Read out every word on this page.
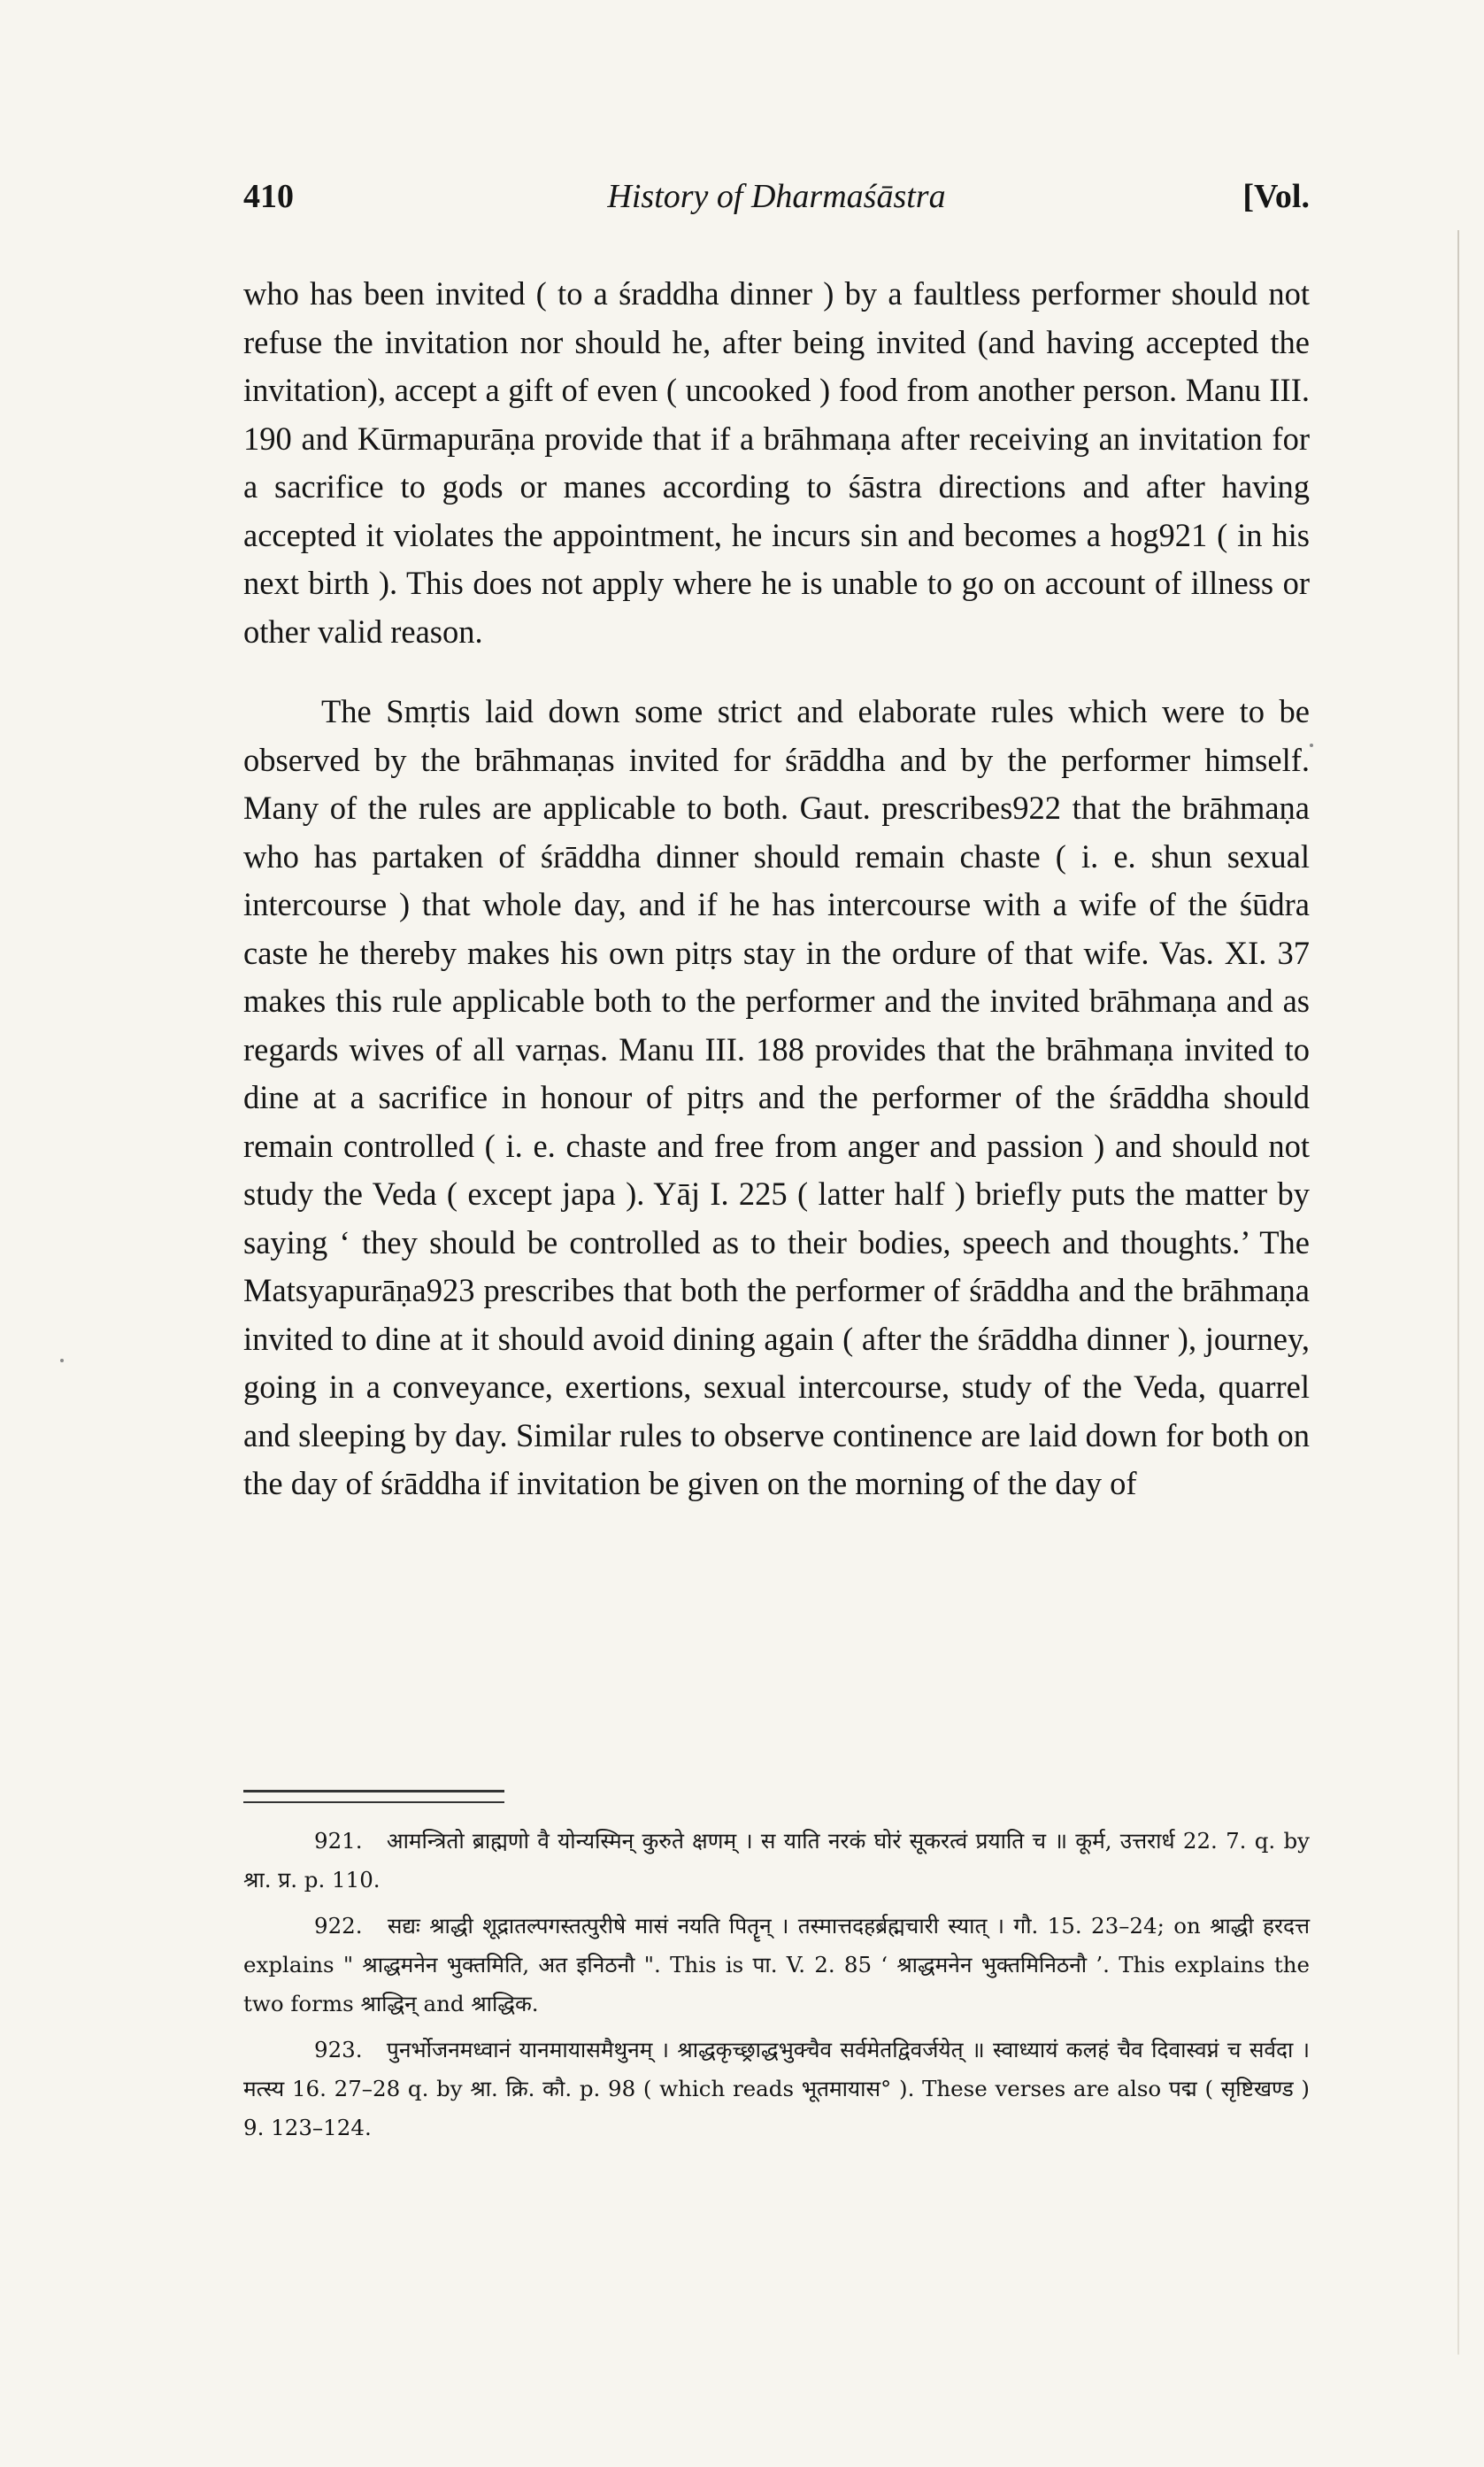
410	History of Dharmaśāstra	[Vol.

who has been invited ( to a śraddha dinner ) by a faultless performer should not refuse the invitation nor should he, after being invited (and having accepted the invitation), accept a gift of even ( uncooked ) food from another person. Manu III. 190 and Kūrmapurāṇa provide that if a brāhmaṇa after receiving an invitation for a sacrifice to gods or manes according to śāstra directions and after having accepted it violates the appointment, he incurs sin and becomes a hog921 ( in his next birth ). This does not apply where he is unable to go on account of illness or other valid reason.

The Smṛtis laid down some strict and elaborate rules which were to be observed by the brāhmaṇas invited for śrāddha and by the performer himself. Many of the rules are applicable to both. Gaut. prescribes922 that the brāhmaṇa who has partaken of śrāddha dinner should remain chaste ( i. e. shun sexual intercourse ) that whole day, and if he has intercourse with a wife of the śūdra caste he thereby makes his own pitṛs stay in the ordure of that wife. Vas. XI. 37 makes this rule applicable both to the performer and the invited brāhmaṇa and as regards wives of all varṇas. Manu III. 188 provides that the brāhmaṇa invited to dine at a sacrifice in honour of pitṛs and the performer of the śrāddha should remain controlled ( i. e. chaste and free from anger and passion ) and should not study the Veda ( except japa ). Yāj I. 225 ( latter half ) briefly puts the matter by saying ‘ they should be controlled as to their bodies, speech and thoughts.’ The Matsyapurāṇa923 prescribes that both the performer of śrāddha and the brāhmaṇa invited to dine at it should avoid dining again ( after the śrāddha dinner ), journey, going in a conveyance, exertions, sexual intercourse, study of the Veda, quarrel and sleeping by day. Similar rules to observe continence are laid down for both on the day of śrāddha if invitation be given on the morning of the day of

921. आमन्त्रितो ब्राह्मणो वै योन्यस्मिन् कुरुते क्षणम् । स याति नरकं घोरं सूकरत्वं प्रयाति च ॥ कूर्म, उत्तरार्ध 22. 7. q. by श्रा. प्र. p. 110.

922. सद्यः श्राद्धी शूद्रातल्पगस्तत्पुरीषे मासं नयति पितॄन् । तस्मात्तदहर्ब्रह्मचारी स्यात् । गौ. 15. 23–24; on श्राद्धी हरदत्त explains " श्राद्धमनेन भुक्तमिति, अत इनिठनौ ". This is पा. V. 2. 85 ‘ श्राद्धमनेन भुक्तमिनिठनौ ’. This explains the two forms श्राद्धिन् and श्राद्धिक.

923. पुनर्भोजनमध्वानं यानमायासमैथुनम् । श्राद्धकृच्छ्राद्धभुक्चैव सर्वमेतद्विवर्जयेत् ॥ स्वाध्यायं कलहं चैव दिवास्वप्नं च सर्वदा । मत्स्य 16. 27–28 q. by श्रा. क्रि. कौ. p. 98 ( which reads भूतमायास° ). These verses are also पद्म ( सृष्टिखण्ड ) 9. 123–124.
